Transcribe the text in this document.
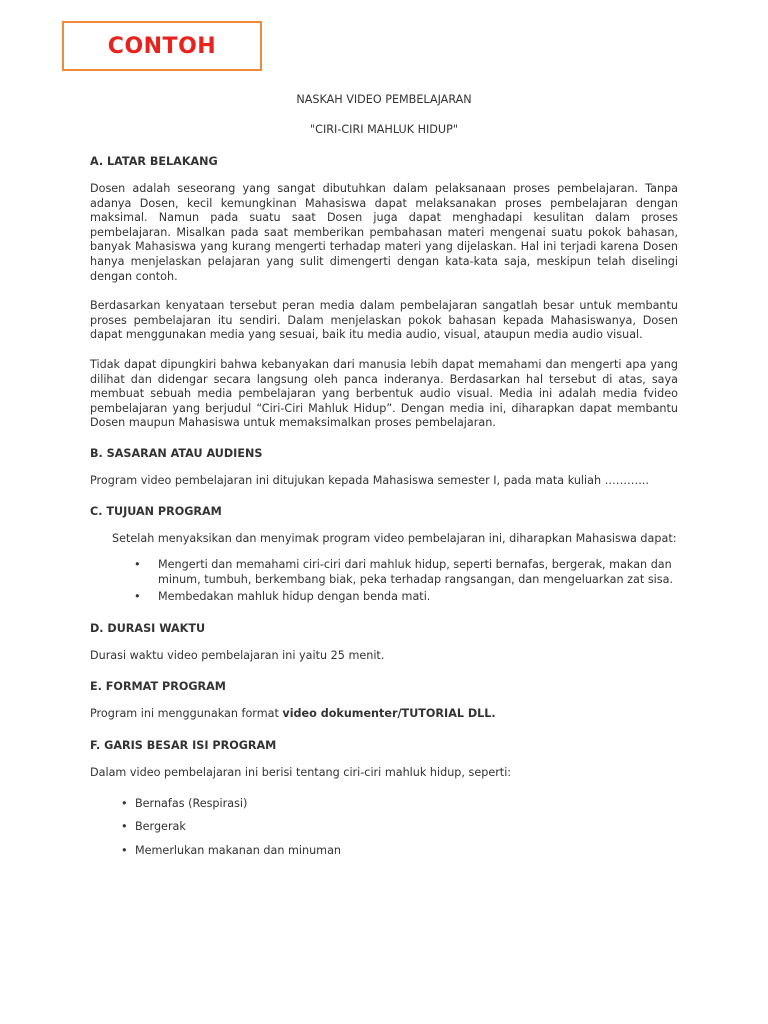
CONTOH

NASKAH VIDEO PEMBELAJARAN

"CIRI-CIRI MAHLUK HIDUP"

A. LATAR BELAKANG

Dosen adalah seseorang yang sangat dibutuhkan dalam pelaksanaan proses pembelajaran. Tanpa adanya Dosen, kecil kemungkinan Mahasiswa dapat melaksanakan proses pembelajaran dengan maksimal. Namun pada suatu saat Dosen juga dapat menghadapi kesulitan dalam proses pembelajaran. Misalkan pada saat memberikan pembahasan materi mengenai suatu pokok bahasan, banyak Mahasiswa yang kurang mengerti terhadap materi yang dijelaskan. Hal ini terjadi karena Dosen hanya menjelaskan pelajaran yang sulit dimengerti dengan kata-kata saja, meskipun telah diselingi dengan contoh.

Berdasarkan kenyataan tersebut peran media dalam pembelajaran sangatlah besar untuk membantu proses pembelajaran itu sendiri. Dalam menjelaskan pokok bahasan kepada Mahasiswanya, Dosen dapat menggunakan media yang sesuai, baik itu media audio, visual, ataupun media audio visual.

Tidak dapat dipungkiri bahwa kebanyakan dari manusia lebih dapat memahami dan mengerti apa yang dilihat dan didengar secara langsung oleh panca inderanya. Berdasarkan hal tersebut di atas, saya membuat sebuah media pembelajaran yang berbentuk audio visual. Media ini adalah media fvideo pembelajaran yang berjudul “Ciri-Ciri Mahluk Hidup”. Dengan media ini, diharapkan dapat membantu Dosen maupun Mahasiswa untuk memaksimalkan proses pembelajaran.

B. SASARAN ATAU AUDIENS

Program video pembelajaran ini ditujukan kepada Mahasiswa semester I, pada mata kuliah ………...

C. TUJUAN PROGRAM

Setelah menyaksikan dan menyimak program video pembelajaran ini, diharapkan Mahasiswa dapat:

• Mengerti dan memahami ciri-ciri dari mahluk hidup, seperti bernafas, bergerak, makan dan minum, tumbuh, berkembang biak, peka terhadap rangsangan, dan mengeluarkan zat sisa.
• Membedakan mahluk hidup dengan benda mati.
D. DURASI WAKTU

Durasi waktu video pembelajaran ini yaitu 25 menit.

E. FORMAT PROGRAM

Program ini menggunakan format video dokumenter/TUTORIAL DLL.

F. GARIS BESAR ISI PROGRAM

Dalam video pembelajaran ini berisi tentang ciri-ciri mahluk hidup, seperti:

• Bernafas (Respirasi)
• Bergerak
• Memerlukan makanan dan minuman
